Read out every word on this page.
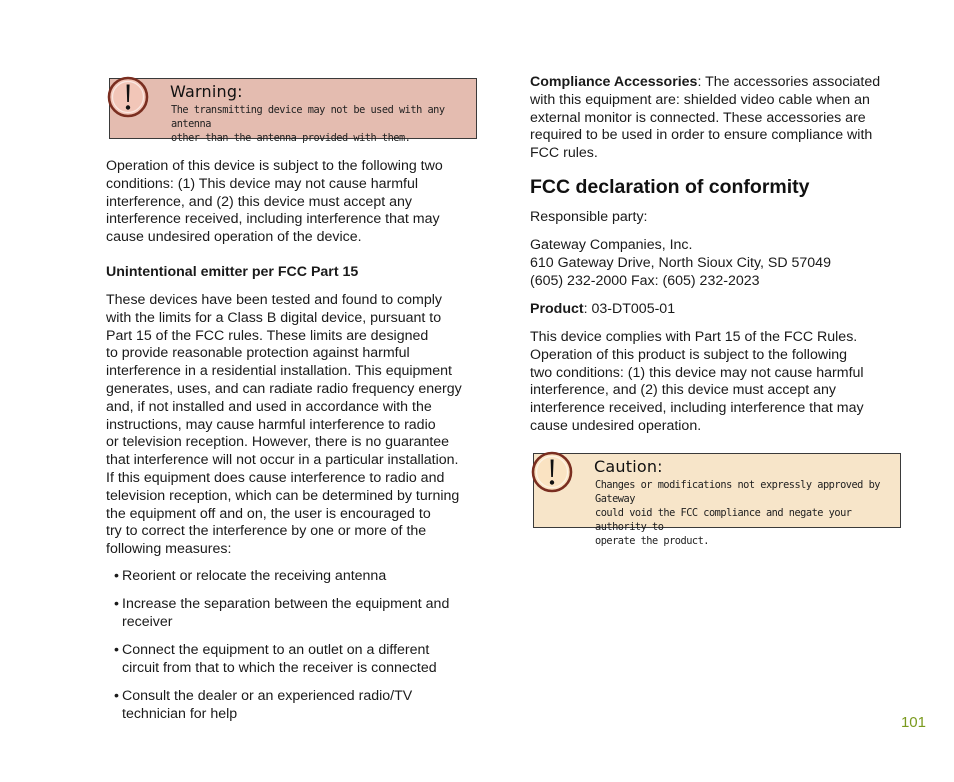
Warning:
The transmitting device may not be used with any antenna
other than the antenna provided with them.
Operation of this device is subject to the following two
conditions: (1) This device may not cause harmful
interference, and (2) this device must accept any
interference received, including interference that may
cause undesired operation of the device.
Unintentional emitter per FCC Part 15
These devices have been tested and found to comply
with the limits for a Class B digital device, pursuant to
Part 15 of the FCC rules. These limits are designed
to provide reasonable protection against harmful
interference in a residential installation. This equipment
generates, uses, and can radiate radio frequency energy
and, if not installed and used in accordance with the
instructions, may cause harmful interference to radio
or television reception. However, there is no guarantee
that interference will not occur in a particular installation.
If this equipment does cause interference to radio and
television reception, which can be determined by turning
the equipment off and on, the user is encouraged to
try to correct the interference by one or more of the
following measures:
• Reorient or relocate the receiving antenna
• Increase the separation between the equipment and
receiver
• Connect the equipment to an outlet on a different
circuit from that to which the receiver is connected
• Consult the dealer or an experienced radio/TV
technician for help
Compliance Accessories: The accessories associated
with this equipment are: shielded video cable when an
external monitor is connected. These accessories are
required to be used in order to ensure compliance with
FCC rules.
FCC declaration of conformity
Responsible party:
Gateway Companies, Inc.
610 Gateway Drive, North Sioux City, SD 57049
(605) 232-2000 Fax: (605) 232-2023
Product: 03-DT005-01
This device complies with Part 15 of the FCC Rules.
Operation of this product is subject to the following
two conditions: (1) this device may not cause harmful
interference, and (2) this device must accept any
interference received, including interference that may
cause undesired operation.
Caution:
Changes or modifications not expressly approved by Gateway
could void the FCC compliance and negate your authority to
operate the product.
101
